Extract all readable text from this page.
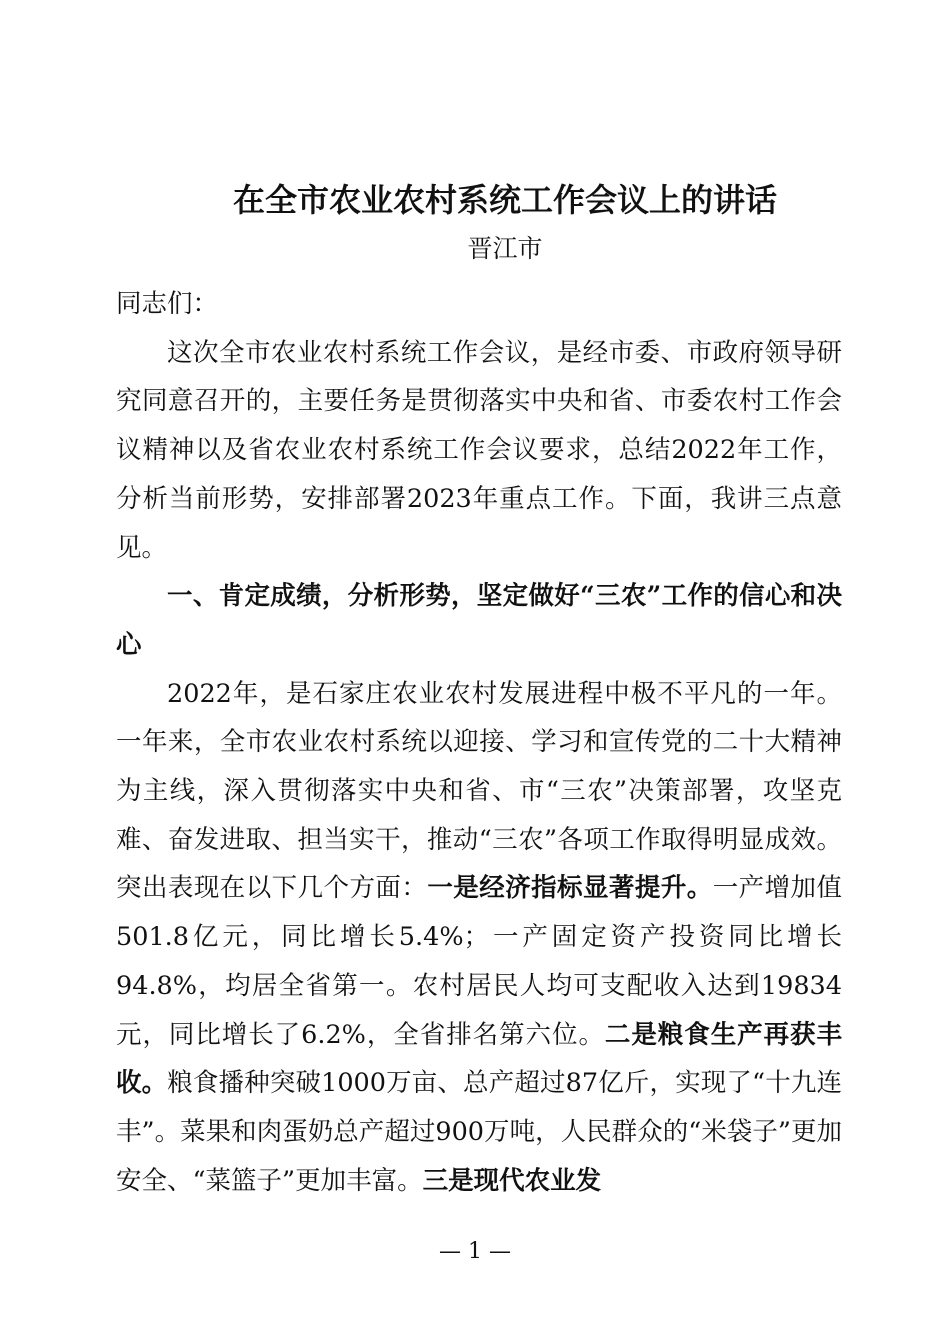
在全市农业农村系统工作会议上的讲话
晋江市

同志们：

这次全市农业农村系统工作会议，是经市委、市政府领导研究同意召开的，主要任务是贯彻落实中央和省、市委农村工作会议精神以及省农业农村系统工作会议要求，总结2022年工作，分析当前形势，安排部署2023年重点工作。下面，我讲三点意见。

一、肯定成绩，分析形势，坚定做好“三农”工作的信心和决心

2022年，是石家庄农业农村发展进程中极不平凡的一年。一年来，全市农业农村系统以迎接、学习和宣传党的二十大精神为主线，深入贯彻落实中央和省、市“三农”决策部署，攻坚克难、奋发进取、担当实干，推动“三农”各项工作取得明显成效。突出表现在以下几个方面：一是经济指标显著提升。一产增加值501.8亿元，同比增长5.4%；一产固定资产投资同比增长94.8%，均居全省第一。农村居民人均可支配收入达到19834元，同比增长了6.2%，全省排名第六位。二是粮食生产再获丰收。粮食播种突破1000万亩、总产超过87亿斤，实现了“十九连丰”。菜果和肉蛋奶总产超过900万吨，人民群众的“米袋子”更加安全、“菜篮子”更加丰富。三是现代农业发

— 1 —
